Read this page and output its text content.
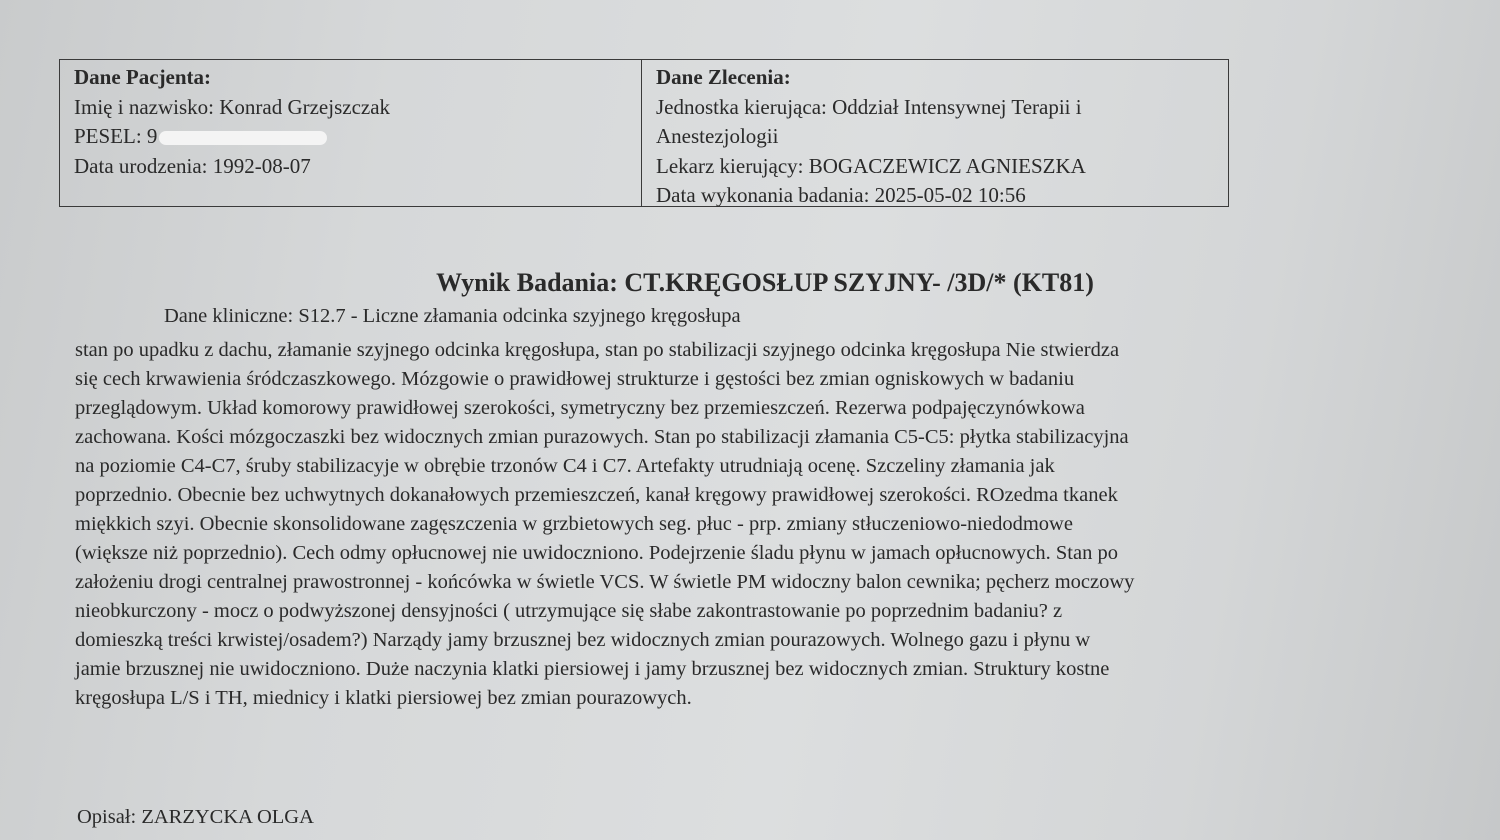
Dane Pacjenta:
Imię i nazwisko: Konrad Grzejszczak
PESEL: 9
Data urodzenia: 1992-08-07
Dane Zlecenia:
Jednostka kierująca: Oddział Intensywnej Terapii i
Anestezjologii
Lekarz kierujący: BOGACZEWICZ AGNIESZKA
Data wykonania badania: 2025-05-02 10:56
Wynik Badania: CT.KRĘGOSŁUP SZYJNY- /3D/* (KT81)
Dane kliniczne: S12.7 - Liczne złamania odcinka szyjnego kręgosłupa
stan po upadku z dachu, złamanie szyjnego odcinka kręgosłupa, stan po stabilizacji szyjnego odcinka kręgosłupa Nie stwierdza
się cech krwawienia śródczaszkowego. Mózgowie o prawidłowej strukturze i gęstości bez zmian ogniskowych w badaniu
przeglądowym. Układ komorowy prawidłowej szerokości, symetryczny bez przemieszczeń. Rezerwa podpajęczynówkowa
zachowana. Kości mózgoczaszki bez widocznych zmian purazowych. Stan po stabilizacji złamania C5-C5: płytka stabilizacyjna
na poziomie C4-C7, śruby stabilizacyje w obrębie trzonów C4 i C7. Artefakty utrudniają ocenę. Szczeliny złamania jak
poprzednio. Obecnie bez uchwytnych dokanałowych przemieszczeń, kanał kręgowy prawidłowej szerokości. ROzedma tkanek
miękkich szyi. Obecnie skonsolidowane zagęszczenia w grzbietowych seg. płuc - prp. zmiany stłuczeniowo-niedodmowe
(większe niż poprzednio). Cech odmy opłucnowej nie uwidoczniono. Podejrzenie śladu płynu w jamach opłucnowych. Stan po
założeniu drogi centralnej prawostronnej - końcówka w świetle VCS. W świetle PM widoczny balon cewnika; pęcherz moczowy
nieobkurczony - mocz o podwyższonej densyjności ( utrzymujące się słabe zakontrastowanie po poprzednim badaniu? z
domieszką treści krwistej/osadem?) Narządy jamy brzusznej bez widocznych zmian pourazowych. Wolnego gazu i płynu w
jamie brzusznej nie uwidoczniono. Duże naczynia klatki piersiowej i jamy brzusznej bez widocznych zmian. Struktury kostne
kręgosłupa L/S i TH, miednicy i klatki piersiowej bez zmian pourazowych.
Opisał: ZARZYCKA OLGA
